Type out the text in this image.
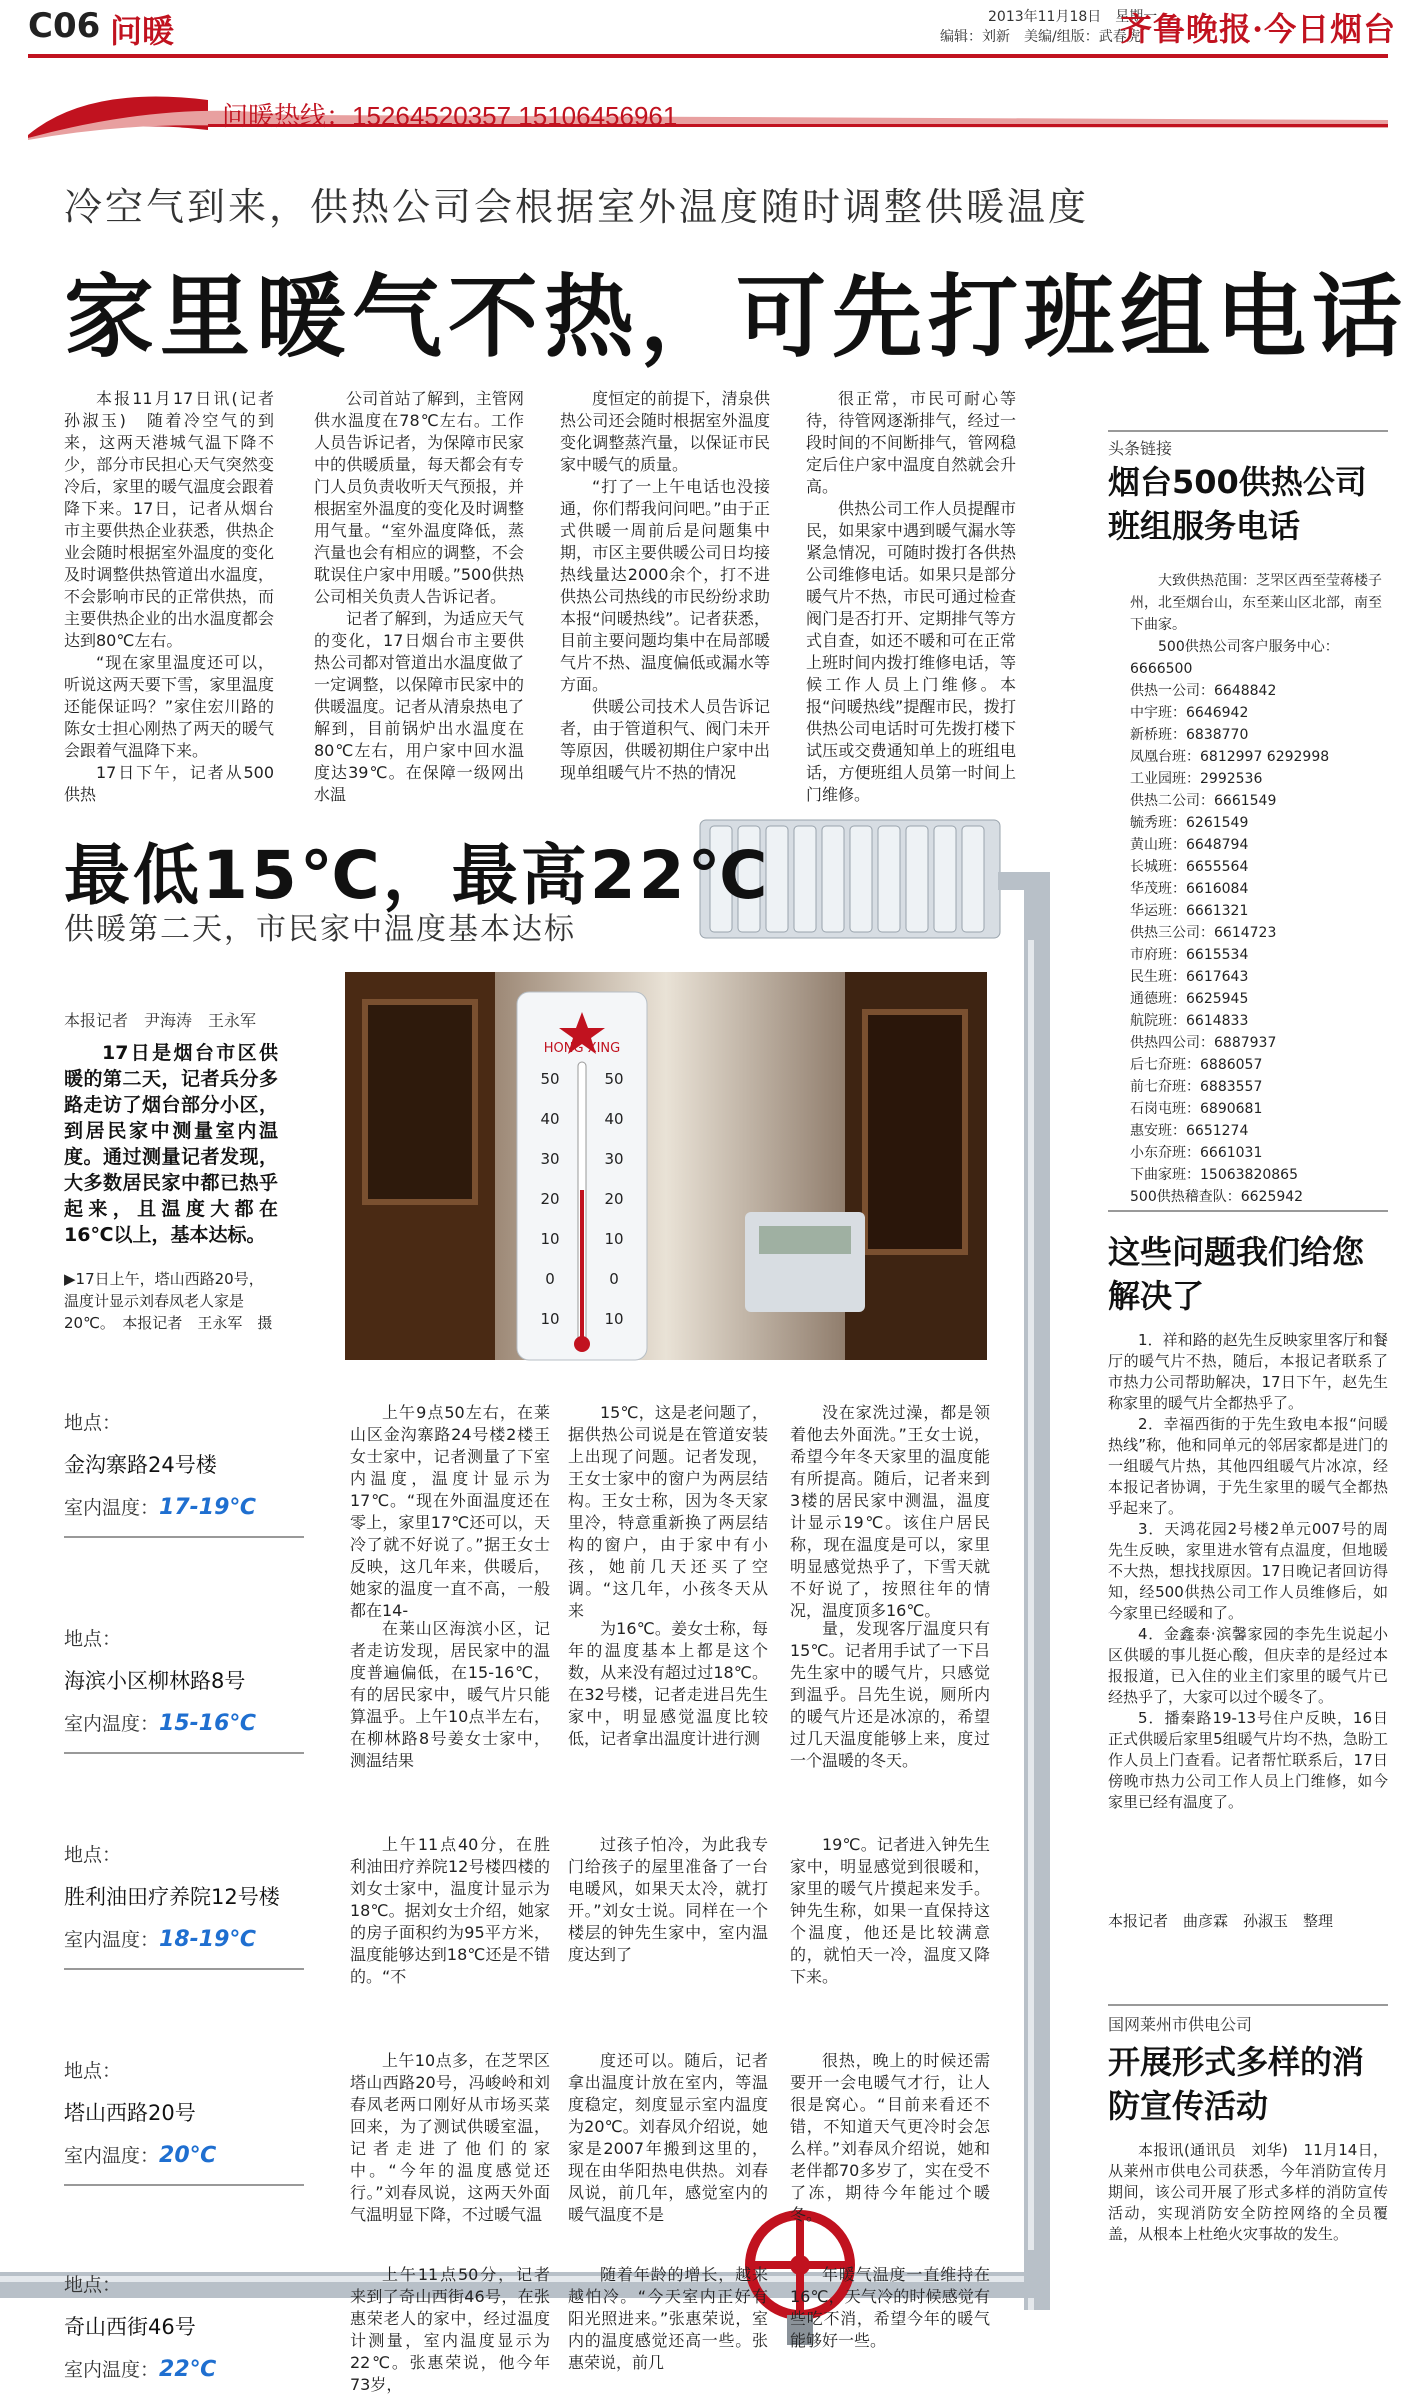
C06 问暖	2013年11月18日　星期一
编辑：刘新　美编/组版：武春虎
齐鲁晚报·今日烟台
问暖热线：15264520357 15106456961
冷空气到来，供热公司会根据室外温度随时调整供暖温度
家里暖气不热，可先打班组电话

本报11月17日讯(记者　孙淑玉)　随着冷空气的到来，这两天港城气温下降不少，部分市民担心天气突然变冷后，家里的暖气温度会跟着降下来。17日，记者从烟台市主要供热企业获悉，供热企业会随时根据室外温度的变化及时调整供热管道出水温度，不会影响市民的正常供热，而主要供热企业的出水温度都会达到80℃左右。

“现在家里温度还可以，听说这两天要下雪，家里温度还能保证吗？”家住宏川路的陈女士担心刚热了两天的暖气会跟着气温降下来。

17日下午，记者从500供热

公司首站了解到，主管网供水温度在78℃左右。工作人员告诉记者，为保障市民家中的供暖质量，每天都会有专门人员负责收听天气预报，并根据室外温度的变化及时调整用气量。“室外温度降低，蒸汽量也会有相应的调整，不会耽误住户家中用暖。”500供热公司相关负责人告诉记者。

记者了解到，为适应天气的变化，17日烟台市主要供热公司都对管道出水温度做了一定调整，以保障市民家中的供暖温度。记者从清泉热电了解到，目前锅炉出水温度在80℃左右，用户家中回水温度达39℃。在保障一级网出水温

度恒定的前提下，清泉供热公司还会随时根据室外温度变化调整蒸汽量，以保证市民家中暖气的质量。

“打了一上午电话也没接通，你们帮我问问吧。”由于正式供暖一周前后是问题集中期，市区主要供暖公司日均接热线量达2000余个，打不进供热公司热线的市民纷纷求助本报“问暖热线”。记者获悉，目前主要问题均集中在局部暖气片不热、温度偏低或漏水等方面。

供暖公司技术人员告诉记者，由于管道积气、阀门未开等原因，供暖初期住户家中出现单组暖气片不热的情况

很正常，市民可耐心等待，待管网逐渐排气，经过一段时间的不间断排气，管网稳定后住户家中温度自然就会升高。

供热公司工作人员提醒市民，如果家中遇到暖气漏水等紧急情况，可随时拨打各供热公司维修电话。如果只是部分暖气片不热，市民可通过检查阀门是否打开、定期排气等方式自查，如还不暖和可在正常上班时间内拨打维修电话，等候工作人员上门维修。本报“问暖热线”提醒市民，拨打供热公司电话时可先拨打楼下试压或交费通知单上的班组电话，方便班组人员第一时间上门维修。

头条链接
烟台500供热公司班组服务电话
大致供热范围：芝罘区西至莹蒋楼子州，北至烟台山，东至莱山区北部，南至下曲家。
500供热公司客户服务中心：
6666500
供热一公司：6648842
中宇班：6646942
新桥班：6838770
凤凰台班：6812997 6292998
工业园班：2992536
供热二公司：6661549
毓秀班：6261549
黄山班：6648794
长城班：6655564
华茂班：6616084
华运班：6661321
供热三公司：6614723
市府班：6615534
民生班：6617643
通德班：6625945
航院班：6614833
供热四公司：6887937
后七夼班：6886057
前七夼班：6883557
石岗屯班：6890681
惠安班：6651274
小东夼班：6661031
下曲家班：15063820865
500供热稽查队：6625942
这些问题我们给您解决了

1．祥和路的赵先生反映家里客厅和餐厅的暖气片不热，随后，本报记者联系了市热力公司帮助解决，17日下午，赵先生称家里的暖气片全都热乎了。

2．幸福西街的于先生致电本报“问暖热线”称，他和同单元的邻居家都是进门的一组暖气片热，其他四组暖气片冰凉，经本报记者协调，于先生家里的暖气全都热乎起来了。

3．天鸿花园2号楼2单元007号的周先生反映，家里进水管有点温度，但地暖不大热，想找找原因。17日晚记者回访得知，经500供热公司工作人员维修后，如今家里已经暖和了。

4．金鑫泰·滨馨家园的李先生说起小区供暖的事儿挺心酸，但庆幸的是经过本报报道，已入住的业主们家里的暖气片已经热乎了，大家可以过个暖冬了。

5．播秦路19-13号住户反映，16日正式供暖后家里5组暖气片均不热，急盼工作人员上门查看。记者帮忙联系后，17日傍晚市热力公司工作人员上门维修，如今家里已经有温度了。

本报记者　曲彦霖　孙淑玉　整理
国网莱州市供电公司
开展形式多样的消防宣传活动

本报讯(通讯员　刘华)　11月14日，从莱州市供电公司获悉，今年消防宣传月期间，该公司开展了形式多样的消防宣传活动，实现消防安全防控网络的全员覆盖，从根本上杜绝火灾事故的发生。

最低15℃，最高22℃
供暖第二天，市民家中温度基本达标
本报记者　尹海涛　王永军

17日是烟台市区供暖的第二天，记者兵分多路走访了烟台部分小区，到居民家中测量室内温度。通过测量记者发现，大多数居民家中都已热乎起来，且温度大都在16℃以上，基本达标。

▶17日上午，塔山西路20号，温度计显示刘春凤老人家是20℃。　本报记者　王永军　摄
HONG XING
50	50
40	40
30	30
20	20
10	10
0	0
10	10
地点：
金沟寨路24号楼
室内温度：17-19℃

上午9点50左右，在莱山区金沟寨路24号楼2楼王女士家中，记者测量了下室内温度，温度计显示为17℃。“现在外面温度还在零上，家里17℃还可以，天冷了就不好说了。”据王女士反映，这几年来，供暖后，她家的温度一直不高，一般都在14-

15℃，这是老问题了，据供热公司说是在管道安装上出现了问题。记者发现，王女士家中的窗户为两层结构。王女士称，因为冬天家里冷，特意重新换了两层结构的窗户，由于家中有小孩，她前几天还买了空调。“这几年，小孩冬天从来

没在家洗过澡，都是领着他去外面洗。”王女士说，希望今年冬天家里的温度能有所提高。随后，记者来到3楼的居民家中测温，温度计显示19℃。该住户居民称，现在温度是可以，家里明显感觉热乎了，下雪天就不好说了，按照往年的情况，温度顶多16℃。

地点：
海滨小区柳林路8号
室内温度：15-16℃

在莱山区海滨小区，记者走访发现，居民家中的温度普遍偏低，在15-16℃，有的居民家中，暖气片只能算温乎。上午10点半左右，在柳林路8号姜女士家中，测温结果

为16℃。姜女士称，每年的温度基本上都是这个数，从来没有超过过18℃。在32号楼，记者走进吕先生家中，明显感觉温度比较低，记者拿出温度计进行测

量，发现客厅温度只有15℃。记者用手试了一下吕先生家中的暖气片，只感觉到温乎。吕先生说，厕所内的暖气片还是冰凉的，希望过几天温度能够上来，度过一个温暖的冬天。

地点：
胜利油田疗养院12号楼
室内温度：18-19℃

上午11点40分，在胜利油田疗养院12号楼四楼的刘女士家中，温度计显示为18℃。据刘女士介绍，她家的房子面积约为95平方米，温度能够达到18℃还是不错的。“不

过孩子怕冷，为此我专门给孩子的屋里准备了一台电暖风，如果天太冷，就打开。”刘女士说。同样在一个楼层的钟先生家中，室内温度达到了

19℃。记者进入钟先生家中，明显感觉到很暖和，家里的暖气片摸起来发手。钟先生称，如果一直保持这个温度，他还是比较满意的，就怕天一冷，温度又降下来。

地点：
塔山西路20号
室内温度：20℃

上午10点多，在芝罘区塔山西路20号，冯峻岭和刘春凤老两口刚好从市场买菜回来，为了测试供暖室温，记者走进了他们的家中。“今年的温度感觉还行。”刘春凤说，这两天外面气温明显下降，不过暖气温

度还可以。随后，记者拿出温度计放在室内，等温度稳定，刻度显示室内温度为20℃。刘春凤介绍说，她家是2007年搬到这里的，现在由华阳热电供热。刘春凤说，前几年，感觉室内的暖气温度不是

很热，晚上的时候还需要开一会电暖气才行，让人很是窝心。“目前来看还不错，不知道天气更冷时会怎么样。”刘春凤介绍说，她和老伴都70多岁了，实在受不了冻，期待今年能过个暖冬。

地点：
奇山西街46号
室内温度：22℃

上午11点50分，记者来到了奇山西街46号，在张惠荣老人的家中，经过温度计测量，室内温度显示为22℃。张惠荣说，他今年73岁，

随着年龄的增长，越来越怕冷。“今天室内正好有阳光照进来。”张惠荣说，室内的温度感觉还高一些。张惠荣说，前几

年暖气温度一直维持在16℃，天气冷的时候感觉有些吃不消，希望今年的暖气能够好一些。
